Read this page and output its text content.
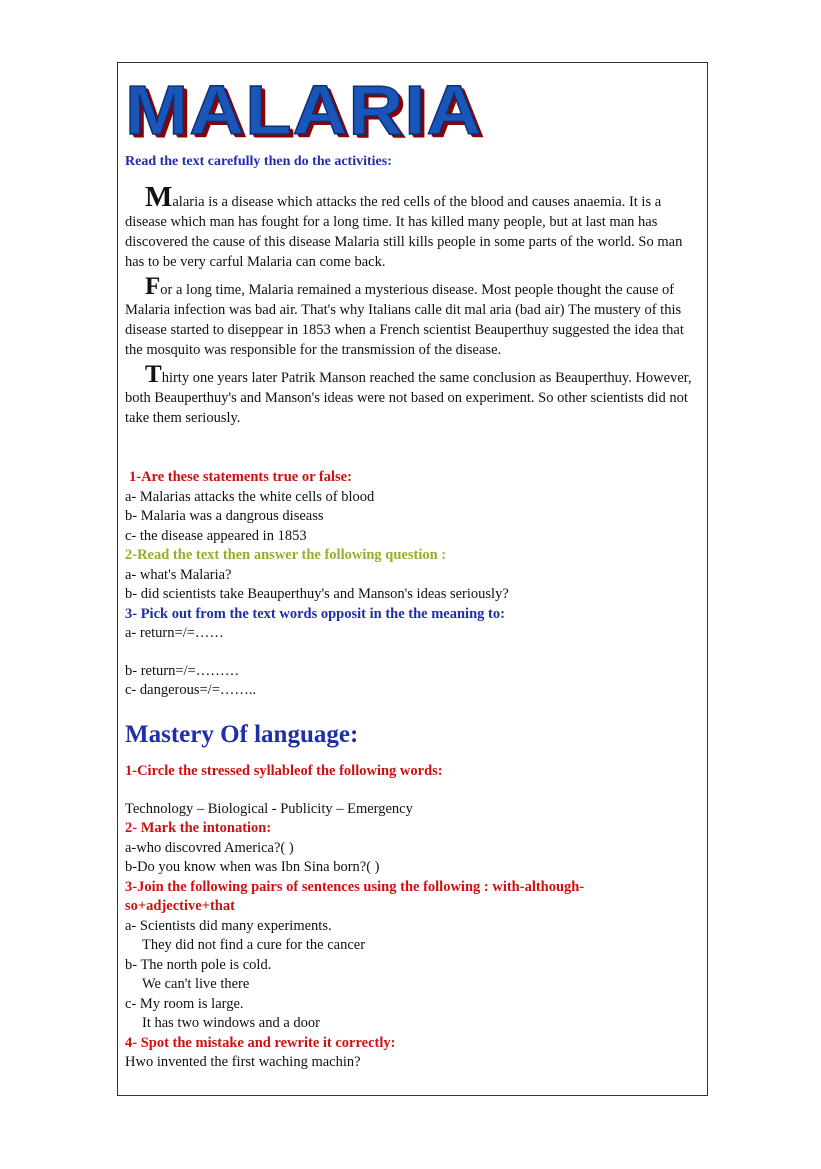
MALARIA
Read the text carefully then do the activities:

Malaria is a disease which attacks the red cells of the blood and causes anaemia. It is a disease which man has fought for a long time. It has killed many people, but at last man has discovered the cause of this disease Malaria still kills people in some parts of the world. So man has to be very carful Malaria can come back.

For a long time, Malaria remained a mysterious disease. Most people thought the cause of Malaria infection was bad air. That's why Italians calle dit mal aria (bad air) The mustery of this disease started to diseppear in 1853 when a French scientist Beauperthuy suggested the idea that the mosquito was responsible for the transmission of the disease.

Thirty one years later Patrik Manson reached the same conclusion as Beauperthuy. However, both Beauperthuy's and Manson's ideas were not based on experiment. So other scientists did not take them seriously.

1-Are these statements true or false:
a- Malarias attacks the white cells of blood
b- Malaria was a dangrous diseass
c- the disease appeared in 1853
2-Read the text then answer the following question :
a- what's Malaria?
b- did scientists take Beauperthuy's and Manson's ideas seriously?
3- Pick out from the text words opposit in the the meaning to:
a- return=/=……
b- return=/=………
c- dangerous=/=……..
Mastery Of language:
1-Circle the stressed syllableof the following words:
Technology – Biological - Publicity – Emergency
2- Mark the intonation:
a-who discovred America?( )
b-Do you know when was Ibn Sina born?( )
3-Join the following pairs of sentences using the following : with-although-
so+adjective+that
a- Scientists did many experiments.
They did not find a cure for the cancer
b- The north pole is cold.
We can't live there
c- My room is large.
It has two windows and a door
4- Spot the mistake and rewrite it correctly:
Hwo invented the first waching machin?
